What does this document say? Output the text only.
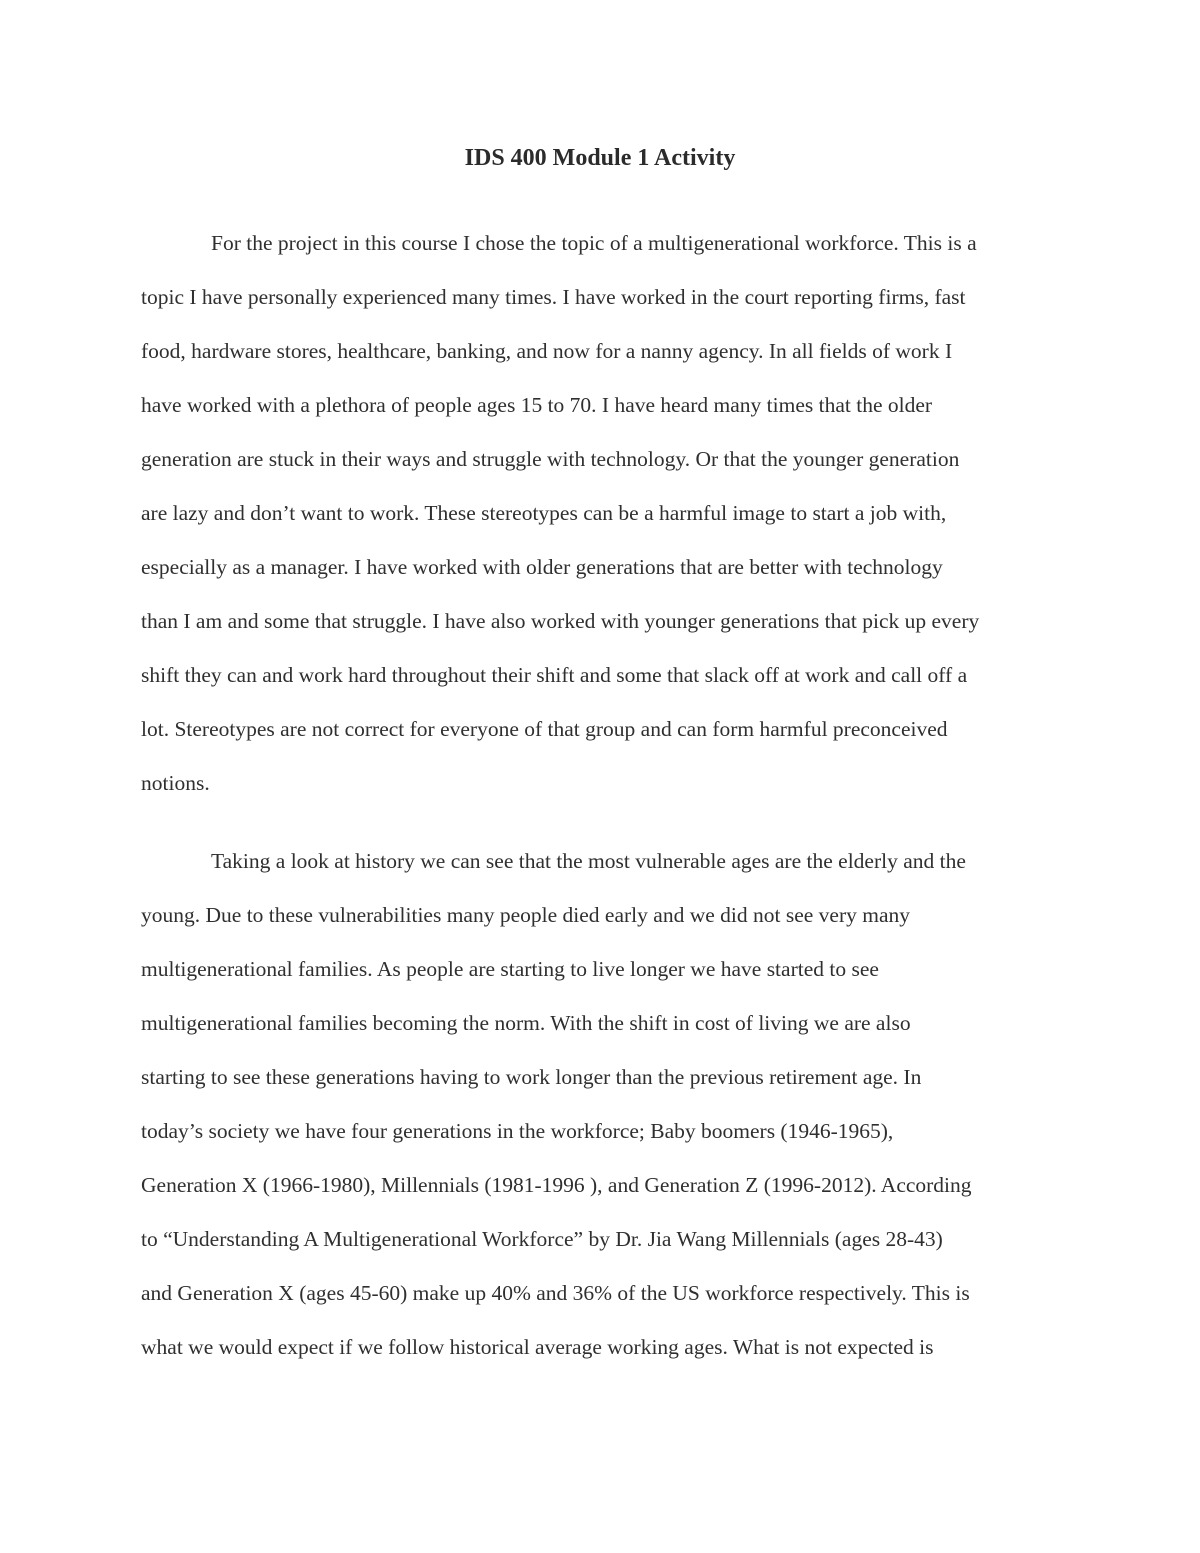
IDS 400 Module 1 Activity

For the project in this course I chose the topic of a multigenerational workforce. This is a

topic I have personally experienced many times. I have worked in the court reporting firms, fast

food, hardware stores, healthcare, banking, and now for a nanny agency. In all fields of work I

have worked with a plethora of people ages 15 to 70. I have heard many times that the older

generation are stuck in their ways and struggle with technology. Or that the younger generation

are lazy and don’t want to work. These stereotypes can be a harmful image to start a job with,

especially as a manager. I have worked with older generations that are better with technology

than I am and some that struggle. I have also worked with younger generations that pick up every

shift they can and work hard throughout their shift and some that slack off at work and call off a

lot. Stereotypes are not correct for everyone of that group and can form harmful preconceived

notions.

Taking a look at history we can see that the most vulnerable ages are the elderly and the

young. Due to these vulnerabilities many people died early and we did not see very many

multigenerational families. As people are starting to live longer we have started to see

multigenerational families becoming the norm. With the shift in cost of living we are also

starting to see these generations having to work longer than the previous retirement age. In

today’s society we have four generations in the workforce; Baby boomers (1946-1965),

Generation X (1966-1980), Millennials (1981-1996 ), and Generation Z (1996-2012). According

to “Understanding A Multigenerational Workforce” by Dr. Jia Wang Millennials (ages 28-43)

and Generation X (ages 45-60) make up 40% and 36% of the US workforce respectively. This is

what we would expect if we follow historical average working ages. What is not expected is
